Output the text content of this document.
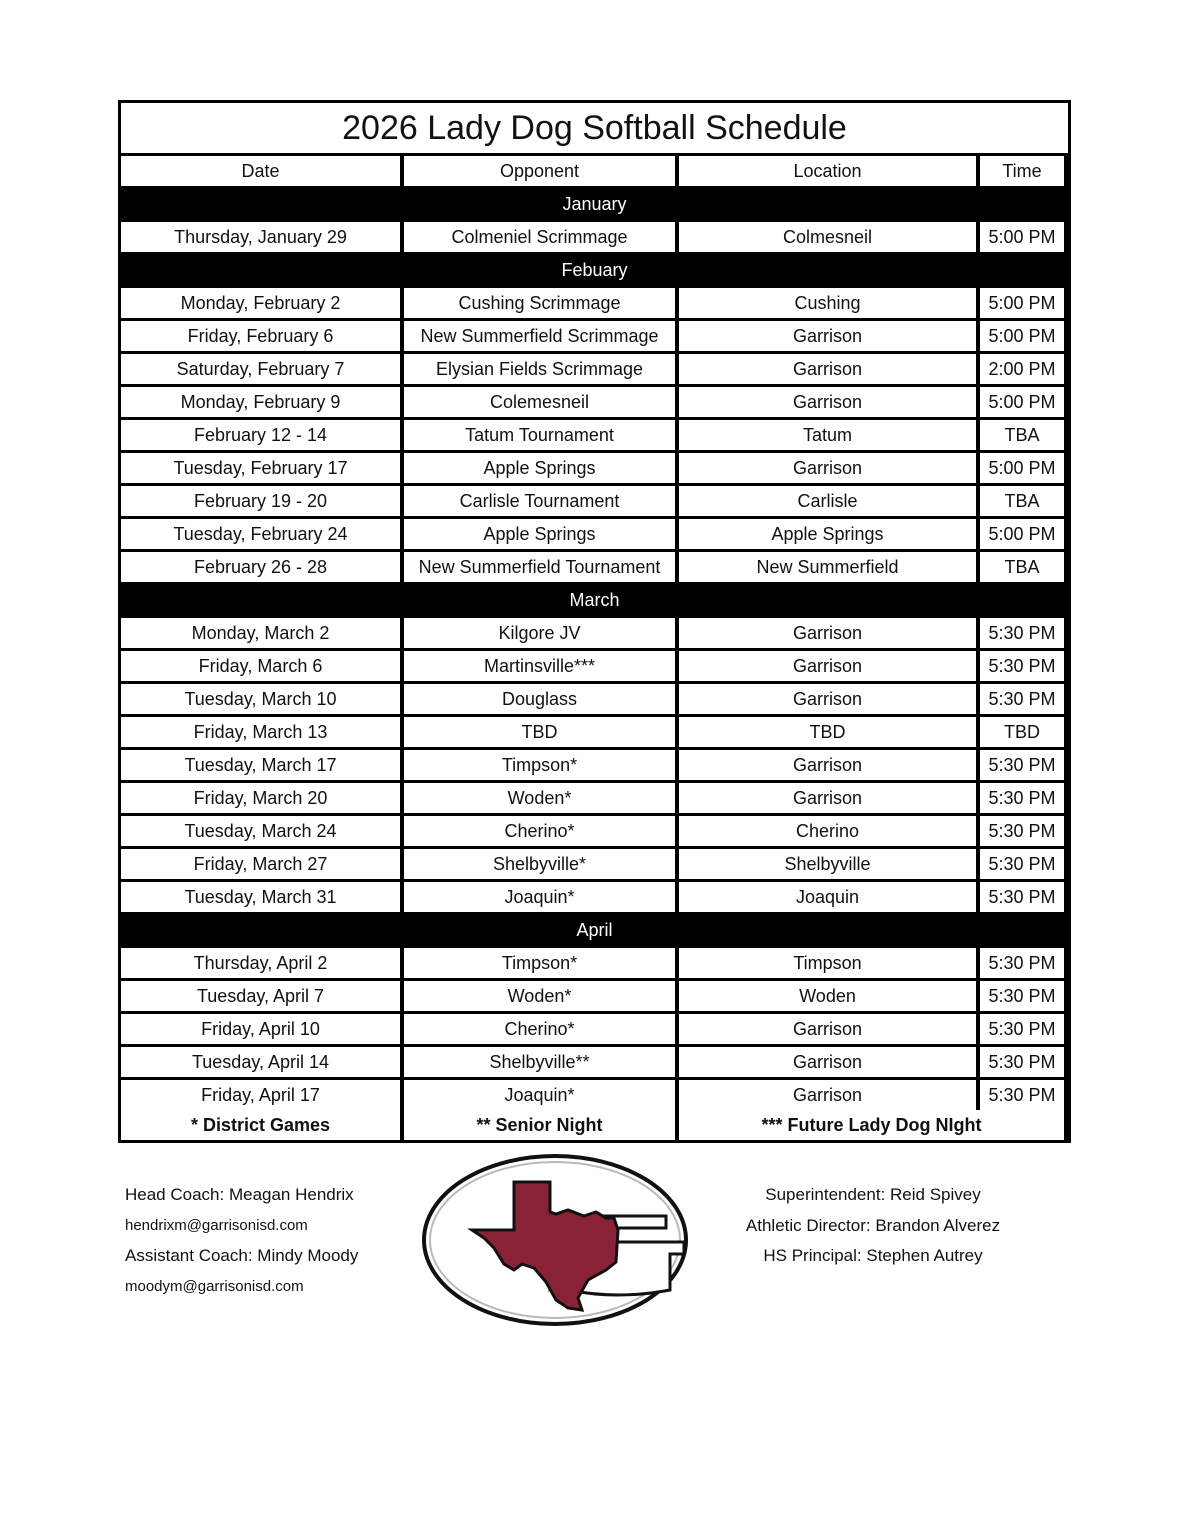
2026 Lady Dog Softball Schedule
Date	Opponent	Location	Time
January
Thursday, January 29	Colmeniel Scrimmage	Colmesneil	5:00 PM
Febuary
Monday, February 2	Cushing Scrimmage	Cushing	5:00 PM
Friday, February 6	New Summerfield Scrimmage	Garrison	5:00 PM
Saturday, February 7	Elysian Fields Scrimmage	Garrison	2:00 PM
Monday, February 9	Colemesneil	Garrison	5:00 PM
February 12 - 14	Tatum Tournament	Tatum	TBA
Tuesday, February 17	Apple Springs	Garrison	5:00 PM
February 19 - 20	Carlisle Tournament	Carlisle	TBA
Tuesday, February 24	Apple Springs	Apple Springs	5:00 PM
February 26 - 28	New Summerfield Tournament	New Summerfield	TBA
March
Monday, March 2	Kilgore JV	Garrison	5:30 PM
Friday, March 6	Martinsville***	Garrison	5:30 PM
Tuesday, March 10	Douglass	Garrison	5:30 PM
Friday, March 13	TBD	TBD	TBD
Tuesday, March 17	Timpson*	Garrison	5:30 PM
Friday, March 20	Woden*	Garrison	5:30 PM
Tuesday, March 24	Cherino*	Cherino	5:30 PM
Friday, March 27	Shelbyville*	Shelbyville	5:30 PM
Tuesday, March 31	Joaquin*	Joaquin	5:30 PM
April
Thursday, April 2	Timpson*	Timpson	5:30 PM
Tuesday, April 7	Woden*	Woden	5:30 PM
Friday, April 10	Cherino*	Garrison	5:30 PM
Tuesday, April 14	Shelbyville**	Garrison	5:30 PM
Friday, April 17	Joaquin*	Garrison	5:30 PM
* District Games	** Senior Night	*** Future Lady Dog NIght
Head Coach: Meagan Hendrix
hendrixm@garrisonisd.com
Assistant Coach: Mindy Moody
moodym@garrisonisd.com
Superintendent: Reid Spivey
Athletic Director: Brandon Alverez
HS Principal: Stephen Autrey
